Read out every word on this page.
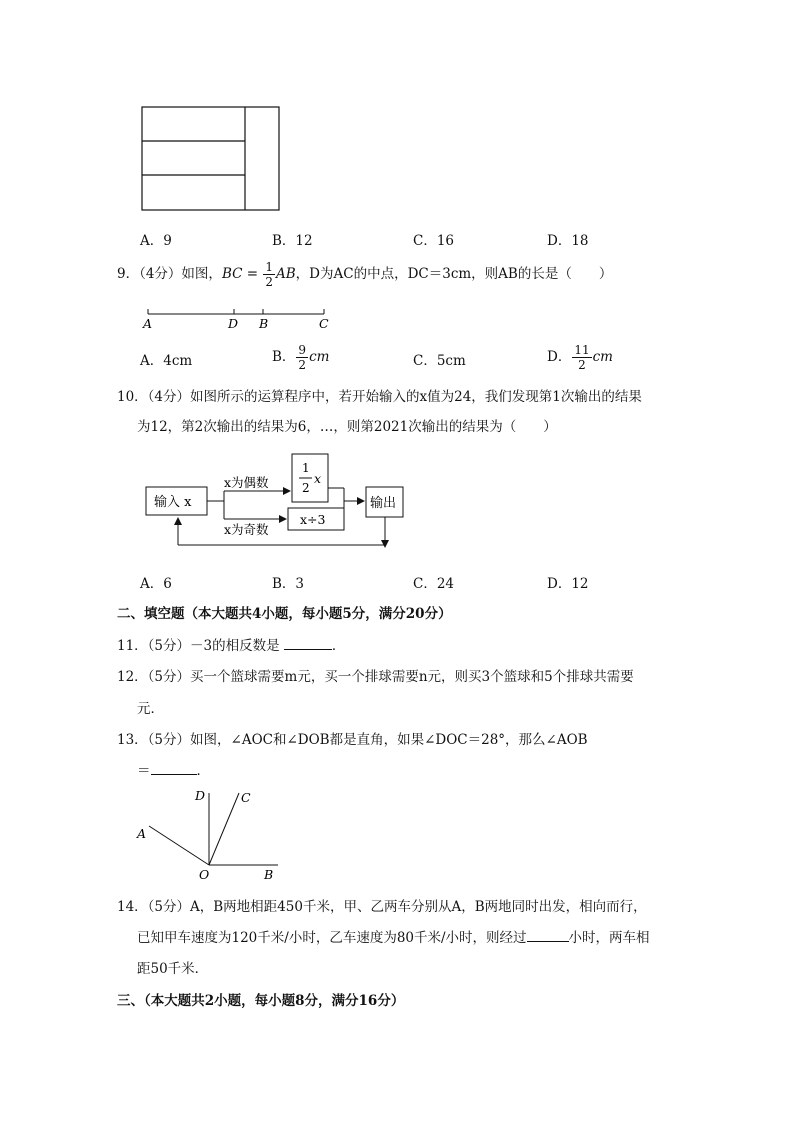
A．9	B．12	C．16	D．18
9．（4分）如图，BC = $\frac{1}{2}$ AB，D为AC的中点，DC＝3cm，则AB的长是（　　）
A	D B	C
A．4cm	B． $\frac{9}{2}$ cm	C．5cm	D． $\frac{11}{2}$ cm
10．（4分）如图所示的运算程序中，若开始输入的x值为24，我们发现第1次输出的结果
为12，第2次输出的结果为6，…，则第2021次输出的结果为（　　）
输入 x
x为偶数
x为奇数
1
2
x
x÷3
输出
A．6	B．3	C．24	D．12
二、填空题（本大题共4小题，每小题5分，满分20分）
11．（5分）－3的相反数是	．
12．（5分）买一个篮球需要m元，买一个排球需要n元，则买3个篮球和5个排球共需要
元．
13．（5分）如图，∠AOC和∠DOB都是直角，如果∠DOC＝28°，那么∠AOB
＝	．
D	C
A
O	B
14．（5分）A，B两地相距450千米，甲、乙两车分别从A，B两地同时出发，相向而行，
已知甲车速度为120千米/小时，乙车速度为80千米/小时，则经过	小时，两车相
距50千米．
三、（本大题共2小题，每小题8分，满分16分）
